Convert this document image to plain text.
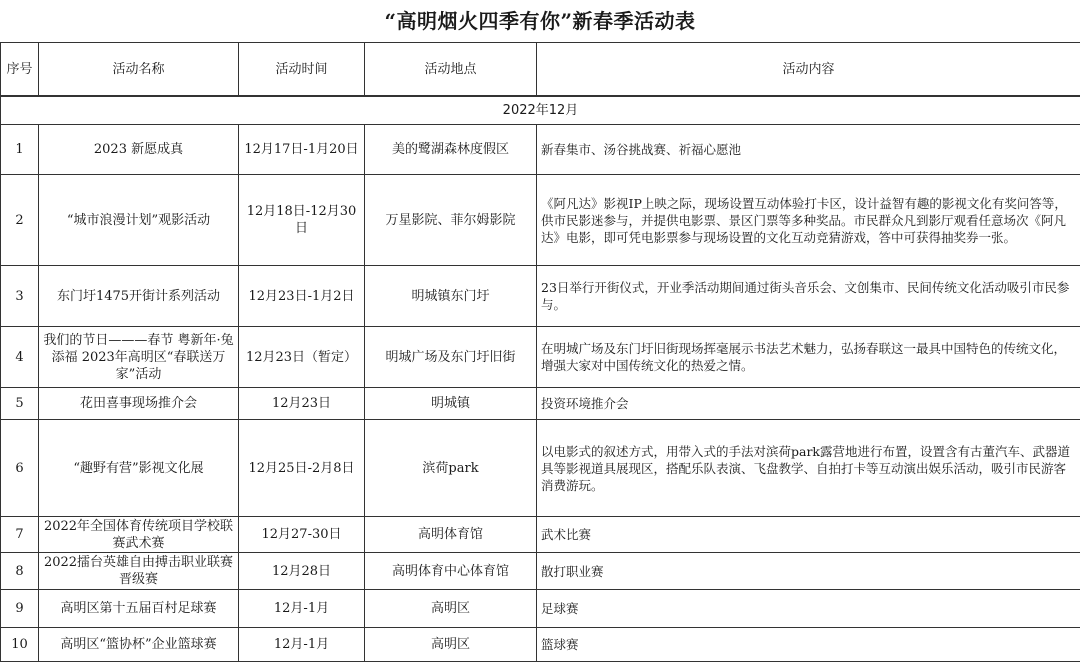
“高明烟火四季有你”新春季活动表
序号	活动名称	活动时间	活动地点	活动内容
2022年12月				
1	2023 新愿成真	12月17日-1月20日	美的鹭湖森林度假区	新春集市、汤谷挑战赛、祈福心愿池
2	“城市浪漫计划”观影活动	12月18日-12月30日	万星影院、菲尔姆影院	《阿凡达》影视IP上映之际，现场设置互动体验打卡区，设计益智有趣的影视文化有奖问答等，供市民影迷参与，并提供电影票、景区门票等多种奖品。市民群众凡到影厅观看任意场次《阿凡达》电影，即可凭电影票参与现场设置的文化互动竞猜游戏，答中可获得抽奖券一张。
3	东门圩1475开街计系列活动	12月23日-1月2日	明城镇东门圩	23日举行开街仪式，开业季活动期间通过街头音乐会、文创集市、民间传统文化活动吸引市民参与。
4	我们的节日———春节 粤新年·兔添福 2023年高明区“春联送万家”活动	12月23日（暂定）	明城广场及东门圩旧街	在明城广场及东门圩旧街现场挥毫展示书法艺术魅力，弘扬春联这一最具中国特色的传统文化，增强大家对中国传统文化的热爱之情。
5	花田喜事现场推介会	12月23日	明城镇	投资环境推介会
6	“趣野有营”影视文化展	12月25日-2月8日	滨荷park	以电影式的叙述方式，用带入式的手法对滨荷park露营地进行布置，设置含有古董汽车、武器道具等影视道具展现区，搭配乐队表演、飞盘教学、自拍打卡等互动演出娱乐活动，吸引市民游客消费游玩。
7	2022年全国体育传统项目学校联赛武术赛	12月27-30日	高明体育馆	武术比赛
8	2022擂台英雄自由搏击职业联赛晋级赛	12月28日	高明体育中心体育馆	散打职业赛
9	高明区第十五届百村足球赛	12月-1月	高明区	足球赛
10	高明区“篮协杯”企业篮球赛	12月-1月	高明区	篮球赛
